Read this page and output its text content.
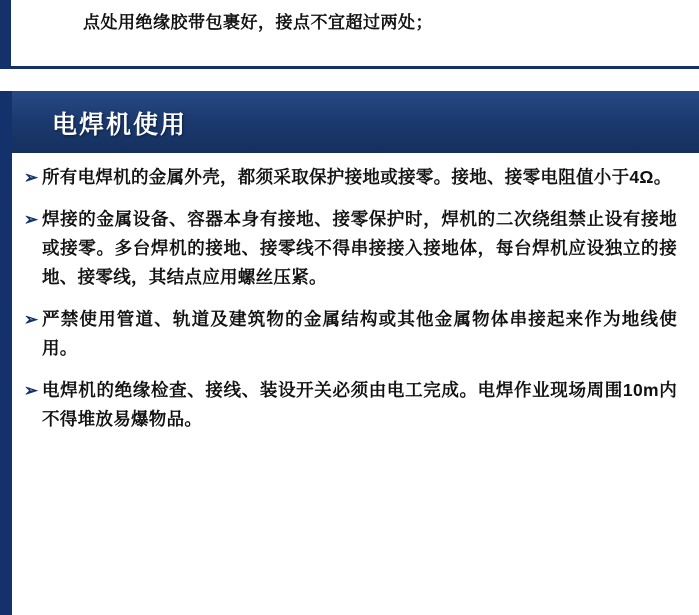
点处用绝缘胶带包裹好，接点不宜超过两处；
电焊机使用
➢ 所有电焊机的金属外壳，都须采取保护接地或接零。接地、接零电阻值小于4Ω。
➢ 焊接的金属设备、容器本身有接地、接零保护时，焊机的二次绕组禁止设有接地或接零。多台焊机的接地、接零线不得串接接入接地体，每台焊机应设独立的接地、接零线，其结点应用螺丝压紧。
➢ 严禁使用管道、轨道及建筑物的金属结构或其他金属物体串接起来作为地线使用。
➢ 电焊机的绝缘检查、接线、装设开关必须由电工完成。电焊作业现场周围10m内不得堆放易爆物品。
